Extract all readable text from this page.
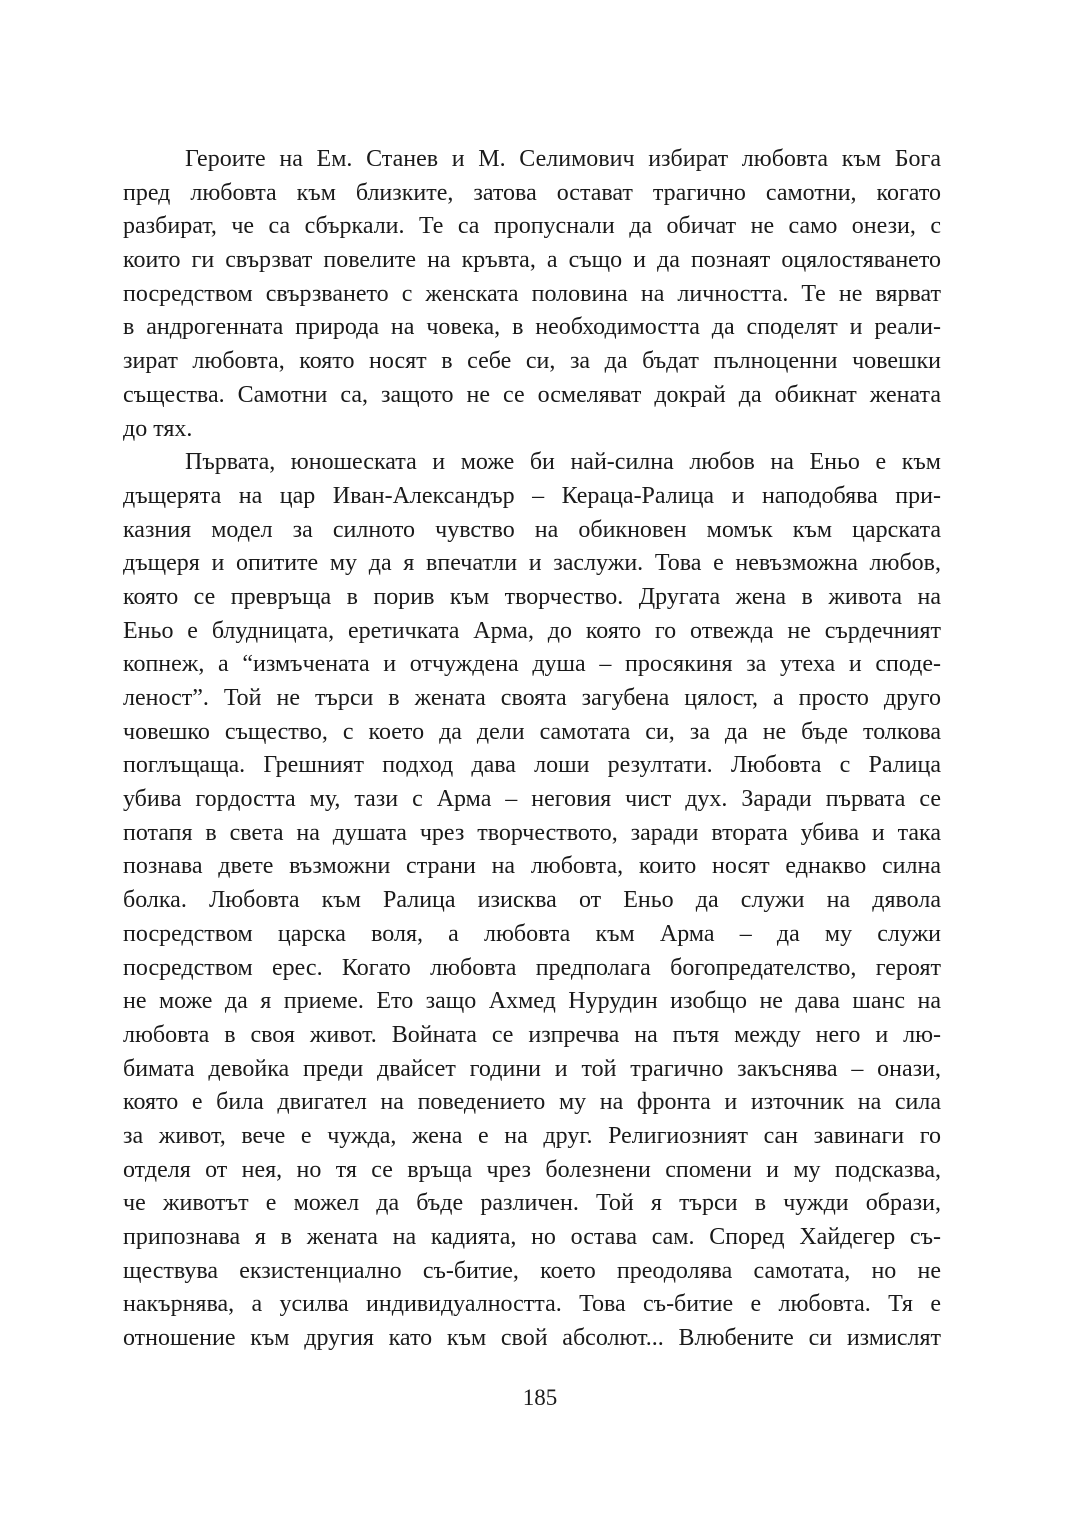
Героите на Ем. Станев и М. Селимович избират любовта към Бога
пред любовта към близките, затова остават трагично самотни, когато
разбират, че са сбъркали. Те са пропуснали да обичат не само онези, с
които ги свързват повелите на кръвта, а също и да познаят оцялостяването
посредством свързването с женската половина на личността. Те не вярват
в андрогенната природа на човека, в необходимостта да споделят и реали-
зират любовта, която носят в себе си, за да бъдат пълноценни човешки
същества. Самотни са, защото не се осмеляват докрай да обикнат жената
до тях.
Първата, юношеската и може би най-силна любов на Еньо е към
дъщерята на цар Иван-Александър – Кераца-Ралица и наподобява при-
казния модел за силното чувство на обикновен момък към царската
дъщеря и опитите му да я впечатли и заслужи. Това е невъзможна любов,
която се превръща в порив към творчество. Другата жена в живота на
Еньо е блудницата, еретичката Арма, до която го отвежда не сърдечният
копнеж, а “измъчената и отчуждена душа – просякиня за утеха и споде-
леност”. Той не търси в жената своята загубена цялост, а просто друго
човешко същество, с което да дели самотата си, за да не бъде толкова
поглъщаща. Грешният подход дава лоши резултати. Любовта с Ралица
убива гордостта му, тази с Арма – неговия чист дух. Заради първата се
потапя в света на душата чрез творчеството, заради втората убива и така
познава двете възможни страни на любовта, които носят еднакво силна
болка. Любовта към Ралица изисква от Еньо да служи на дявола
посредством царска воля, а любовта към Арма – да му служи
посредством ерес. Когато любовта предполага богопредателство, героят
не може да я приеме. Ето защо Ахмед Нурудин изобщо не дава шанс на
любовта в своя живот. Войната се изпречва на пътя между него и лю-
бимата девойка преди двайсет години и той трагично закъснява – онази,
която е била двигател на поведението му на фронта и източник на сила
за живот, вече е чужда, жена е на друг. Религиозният сан завинаги го
отделя от нея, но тя се връща чрез болезнени спомени и му подсказва,
че животът е можел да бъде различен. Той я търси в чужди образи,
припознава я в жената на кадията, но остава сам. Според Хайдегер съ-
ществува екзистенциално съ-битие, което преодолява самотата, но не
накърнява, а усилва индивидуалността. Това съ-битие е любовта. Тя е
отношение към другия като към свой абсолют... Влюбените си измислят
185
